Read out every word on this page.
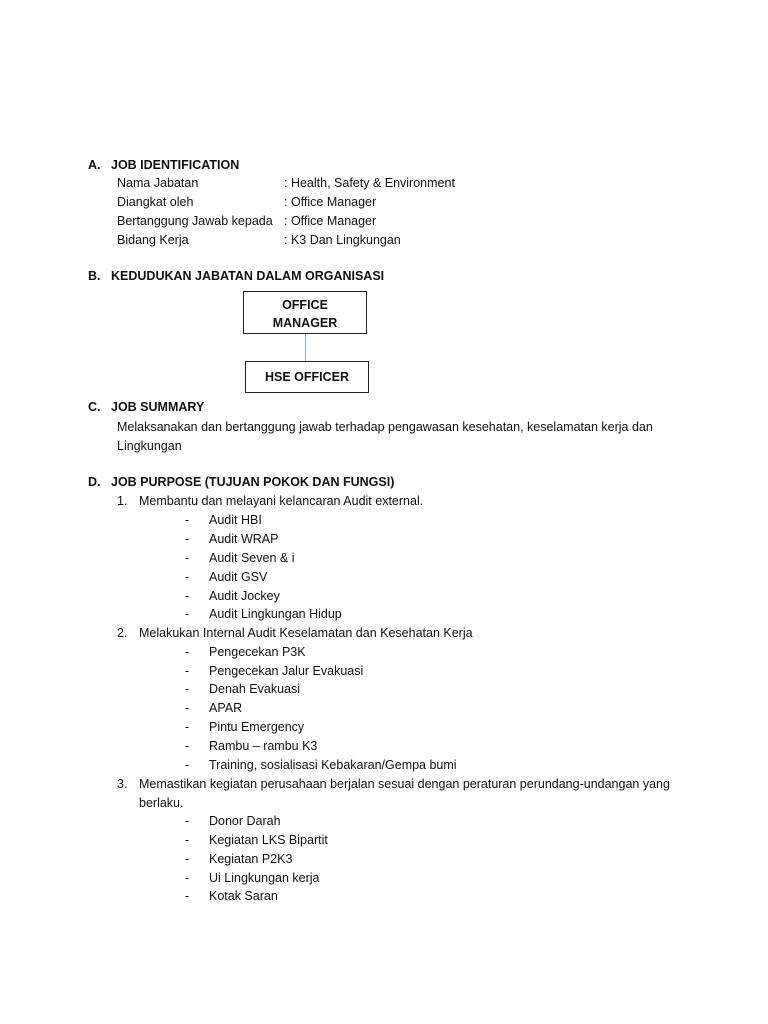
A. JOB IDENTIFICATION
Nama Jabatan	: Health, Safety & Environment
Diangkat oleh	: Office Manager
Bertanggung Jawab kepada : Office Manager
Bidang Kerja	: K3 Dan Lingkungan
B. KEDUDUKAN JABATAN DALAM ORGANISASI
OFFICE
MANAGER
HSE OFFICER
C. JOB SUMMARY
Melaksanakan dan bertanggung jawab terhadap pengawasan kesehatan, keselamatan kerja dan
Lingkungan
D. JOB PURPOSE (TUJUAN POKOK DAN FUNGSI)
1. Membantu dan melayani kelancaran Audit external.
- Audit HBI
- Audit WRAP
- Audit Seven & i
- Audit GSV
- Audit Jockey
- Audit Lingkungan Hidup
2. Melakukan Internal Audit Keselamatan dan Kesehatan Kerja
- Pengecekan P3K
- Pengecekan Jalur Evakuasi
- Denah Evakuasi
- APAR
- Pintu Emergency
- Rambu – rambu K3
- Training, sosialisasi Kebakaran/Gempa bumi
3. Memastikan kegiatan perusahaan berjalan sesuai dengan peraturan perundang-undangan yang
berlaku.
- Donor Darah
- Kegiatan LKS Bipartit
- Kegiatan P2K3
- Ui Lingkungan kerja
- Kotak Saran
